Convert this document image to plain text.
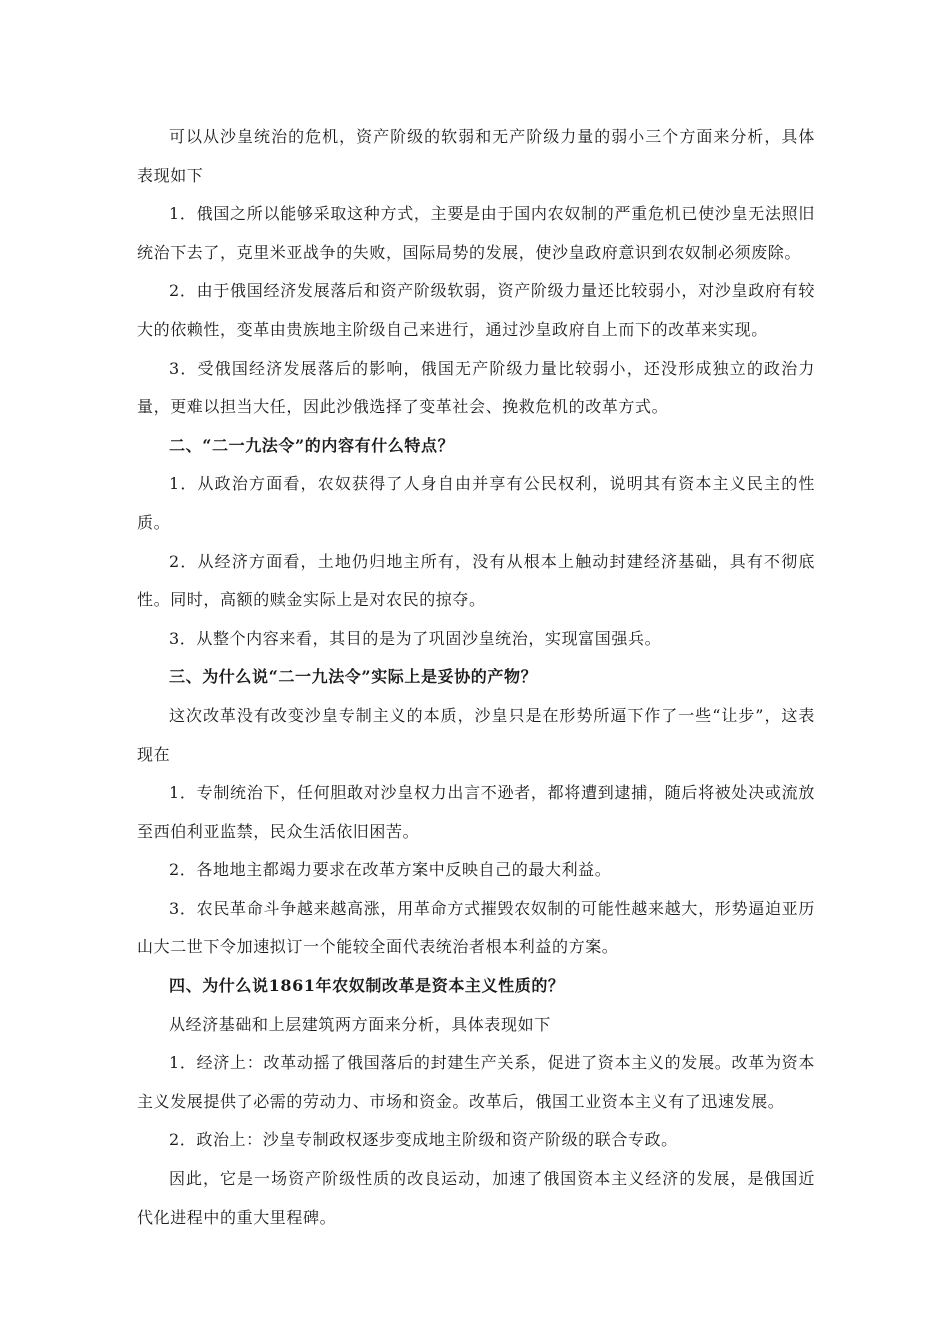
可以从沙皇统治的危机，资产阶级的软弱和无产阶级力量的弱小三个方面来分析，具体表现如下

1．俄国之所以能够采取这种方式，主要是由于国内农奴制的严重危机已使沙皇无法照旧统治下去了，克里米亚战争的失败，国际局势的发展，使沙皇政府意识到农奴制必须废除。

2．由于俄国经济发展落后和资产阶级软弱，资产阶级力量还比较弱小，对沙皇政府有较大的依赖性，变革由贵族地主阶级自己来进行，通过沙皇政府自上而下的改革来实现。

3．受俄国经济发展落后的影响，俄国无产阶级力量比较弱小，还没形成独立的政治力量，更难以担当大任，因此沙俄选择了变革社会、挽救危机的改革方式。

二、“二一九法令”的内容有什么特点？

1．从政治方面看，农奴获得了人身自由并享有公民权利，说明其有资本主义民主的性质。

2．从经济方面看，土地仍归地主所有，没有从根本上触动封建经济基础，具有不彻底性。同时，高额的赎金实际上是对农民的掠夺。

3．从整个内容来看，其目的是为了巩固沙皇统治，实现富国强兵。

三、为什么说“二一九法令”实际上是妥协的产物？

这次改革没有改变沙皇专制主义的本质，沙皇只是在形势所逼下作了一些“让步”，这表现在

1．专制统治下，任何胆敢对沙皇权力出言不逊者，都将遭到逮捕，随后将被处决或流放至西伯利亚监禁，民众生活依旧困苦。

2．各地地主都竭力要求在改革方案中反映自己的最大利益。

3．农民革命斗争越来越高涨，用革命方式摧毁农奴制的可能性越来越大，形势逼迫亚历山大二世下令加速拟订一个能较全面代表统治者根本利益的方案。

四、为什么说1861年农奴制改革是资本主义性质的？

从经济基础和上层建筑两方面来分析，具体表现如下

1．经济上：改革动摇了俄国落后的封建生产关系，促进了资本主义的发展。改革为资本主义发展提供了必需的劳动力、市场和资金。改革后，俄国工业资本主义有了迅速发展。

2．政治上：沙皇专制政权逐步变成地主阶级和资产阶级的联合专政。

因此，它是一场资产阶级性质的改良运动，加速了俄国资本主义经济的发展，是俄国近代化进程中的重大里程碑。
